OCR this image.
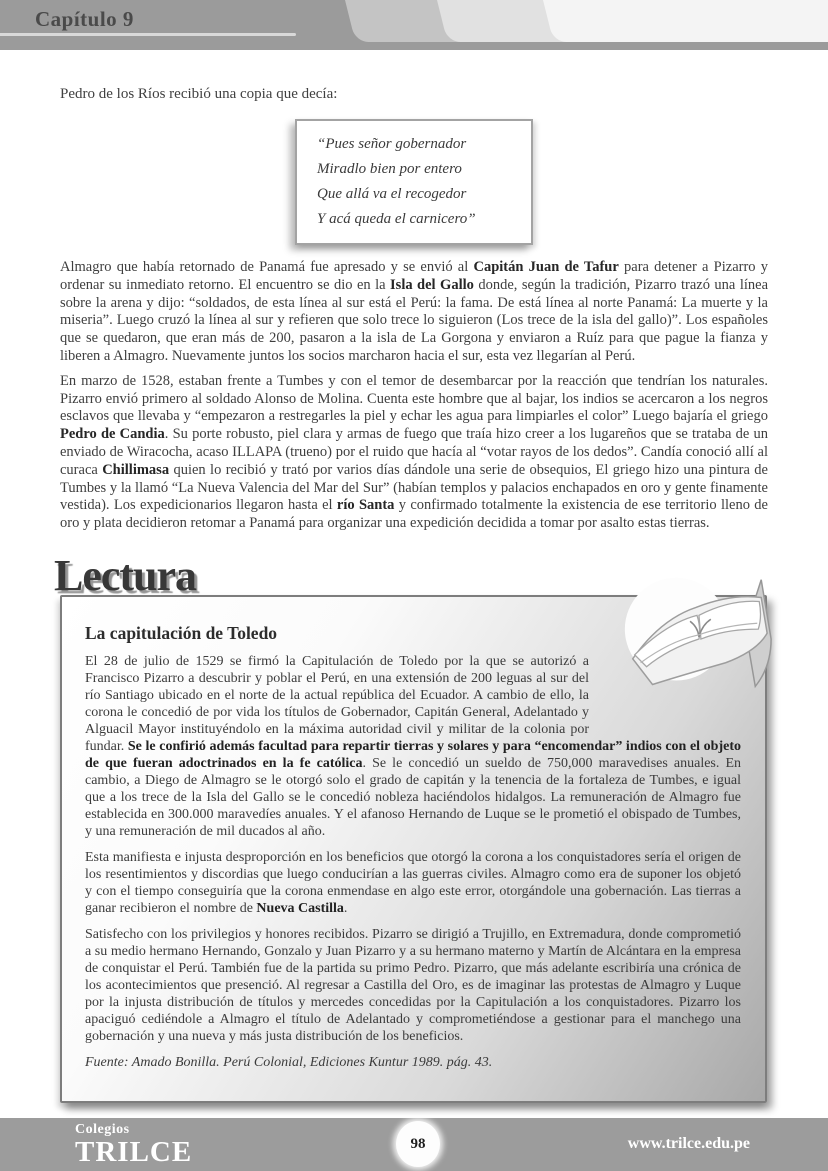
Capítulo 9
Pedro de los Ríos recibió una copia que decía:
“Pues señor gobernador
Miradlo bien por entero
Que allá va el recogedor
Y acá queda el carnicero”

Almagro que había retornado de Panamá fue apresado y se envió al Capitán Juan de Tafur para detener a Pizarro y ordenar su inmediato retorno. El encuentro se dio en la Isla del Gallo donde, según la tradición, Pizarro trazó una línea sobre la arena y dijo: “soldados, de esta línea al sur está el Perú: la fama. De está línea al norte Panamá: La muerte y la miseria”. Luego cruzó la línea al sur y refieren que solo trece lo siguieron (Los trece de la isla del gallo)”. Los españoles que se quedaron, que eran más de 200, pasaron a la isla de La Gorgona y enviaron a Ruíz para que pague la fianza y liberen a Almagro. Nuevamente juntos los socios marcharon hacia el sur, esta vez llegarían al Perú.

En marzo de 1528, estaban frente a Tumbes y con el temor de desembarcar por la reacción que tendrían los naturales. Pizarro envió primero al soldado Alonso de Molina. Cuenta este hombre que al bajar, los indios se acercaron a los negros esclavos que llevaba y “empezaron a restregarles la piel y echar les agua para limpiarles el color” Luego bajaría el griego Pedro de Candia. Su porte robusto, piel clara y armas de fuego que traía hizo creer a los lugareños que se trataba de un enviado de Wiracocha, acaso ILLAPA (trueno) por el ruido que hacía al “votar rayos de los dedos”. Candía conoció allí al curaca Chillimasa quien lo recibió y trató por varios días dándole una serie de obsequios, El griego hizo una pintura de Tumbes y la llamó “La Nueva Valencia del Mar del Sur” (habían templos y palacios enchapados en oro y gente finamente vestida). Los expedicionarios llegaron hasta el río Santa y confirmado totalmente la existencia de ese territorio lleno de oro y plata decidieron retomar a Panamá para organizar una expedición decidida a tomar por asalto estas tierras.

Lectura
La capitulación de Toledo

El 28 de julio de 1529 se firmó la Capitulación de Toledo por la que se autorizó a Francisco Pizarro a descubrir y poblar el Perú, en una extensión de 200 leguas al sur del río Santiago ubicado en el norte de la actual república del Ecuador. A cambio de ello, la corona le concedió de por vida los títulos de Gobernador, Capitán General, Adelantado y Alguacil Mayor instituyéndolo en la máxima autoridad civil y militar de la colonia por fundar. Se le confirió además facultad para repartir tierras y solares y para “encomendar” indios con el objeto de que fueran adoctrinados en la fe católica. Se le concedió un sueldo de 750,000 maravedises anuales. En cambio, a Diego de Almagro se le otorgó solo el grado de capitán y la tenencia de la fortaleza de Tumbes, e igual que a los trece de la Isla del Gallo se le concedió nobleza haciéndolos hidalgos. La remuneración de Almagro fue establecida en 300.000 maravedíes anuales. Y el afanoso Hernando de Luque se le prometió el obispado de Tumbes, y una remuneración de mil ducados al año.

Esta manifiesta e injusta desproporción en los beneficios que otorgó la corona a los conquistadores sería el origen de los resentimientos y discordias que luego conducirían a las guerras civiles. Almagro como era de suponer los objetó y con el tiempo conseguiría que la corona enmendase en algo este error, otorgándole una gobernación. Las tierras a ganar recibieron el nombre de Nueva Castilla.

Satisfecho con los privilegios y honores recibidos. Pizarro se dirigió a Trujillo, en Extremadura, donde comprometió a su medio hermano Hernando, Gonzalo y Juan Pizarro y a su hermano materno y Martín de Alcántara en la empresa de conquistar el Perú. También fue de la partida su primo Pedro. Pizarro, que más adelante escribiría una crónica de los acontecimientos que presenció. Al regresar a Castilla del Oro, es de imaginar las protestas de Almagro y Luque por la injusta distribución de títulos y mercedes concedidas por la Capitulación a los conquistadores. Pizarro los apaciguó cediéndole a Almagro el título de Adelantado y comprometiéndose a gestionar para el manchego una gobernación y una nueva y más justa distribución de los beneficios.

Fuente: Amado Bonilla. Perú Colonial, Ediciones Kuntur 1989. pág. 43.

Colegios
TRILCE	98	www.trilce.edu.pe
